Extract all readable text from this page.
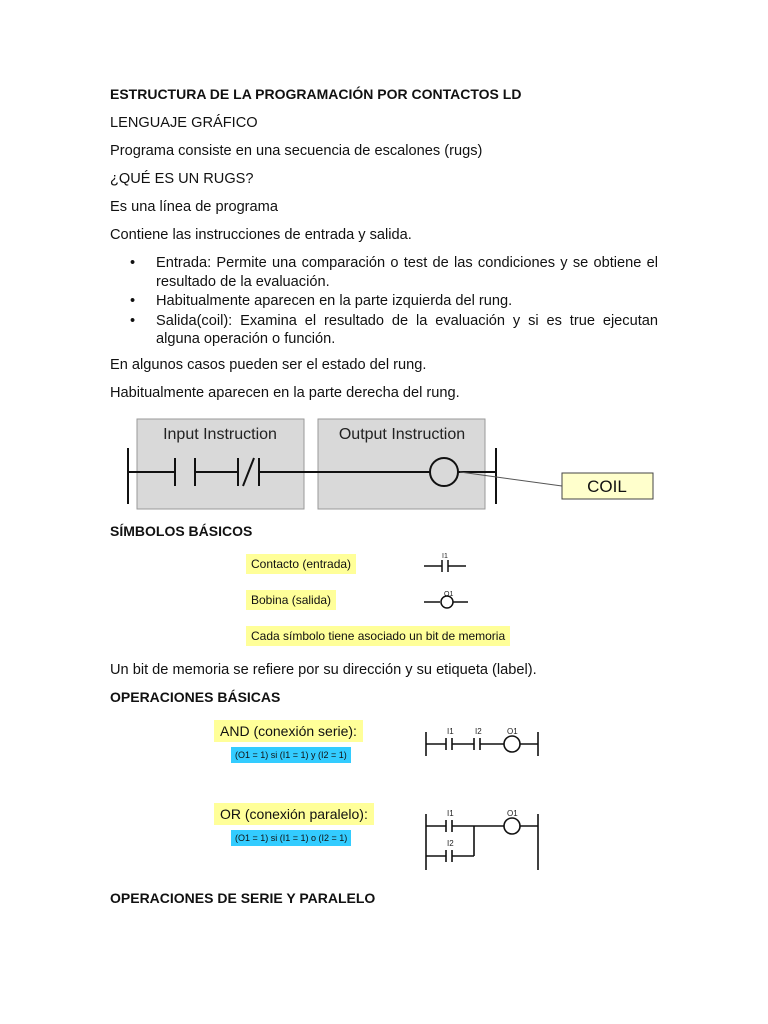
ESTRUCTURA DE LA PROGRAMACIÓN POR CONTACTOS LD
LENGUAJE GRÁFICO
Programa consiste en una secuencia de escalones (rugs)
¿QUÉ ES UN RUGS?
Es una línea de programa
Contiene las instrucciones de entrada y salida.
• Entrada: Permite una comparación o test de las condiciones y se obtiene el resultado de la evaluación.
• Habitualmente aparecen en la parte izquierda del rung.
• Salida(coil): Examina el resultado de la evaluación y si es true ejecutan alguna operación o función.
En algunos casos pueden ser el estado del rung.
Habitualmente aparecen en la parte derecha del rung.
Input Instruction	Output Instruction
COIL
SÍMBOLOS BÁSICOS
Contacto (entrada)
Bobina (salida)
Cada símbolo tiene asociado un bit de memoria
I1
O1
Un bit de memoria se refiere por su dirección y su etiqueta (label).
OPERACIONES BÁSICAS
AND (conexión serie):
(O1 = 1) si (I1 = 1) y (I2 = 1)
I1	I2	O1
OR (conexión paralelo):
(O1 = 1) si (I1 = 1) o (I2 = 1)
I1
I2
O1
OPERACIONES DE SERIE Y PARALELO
